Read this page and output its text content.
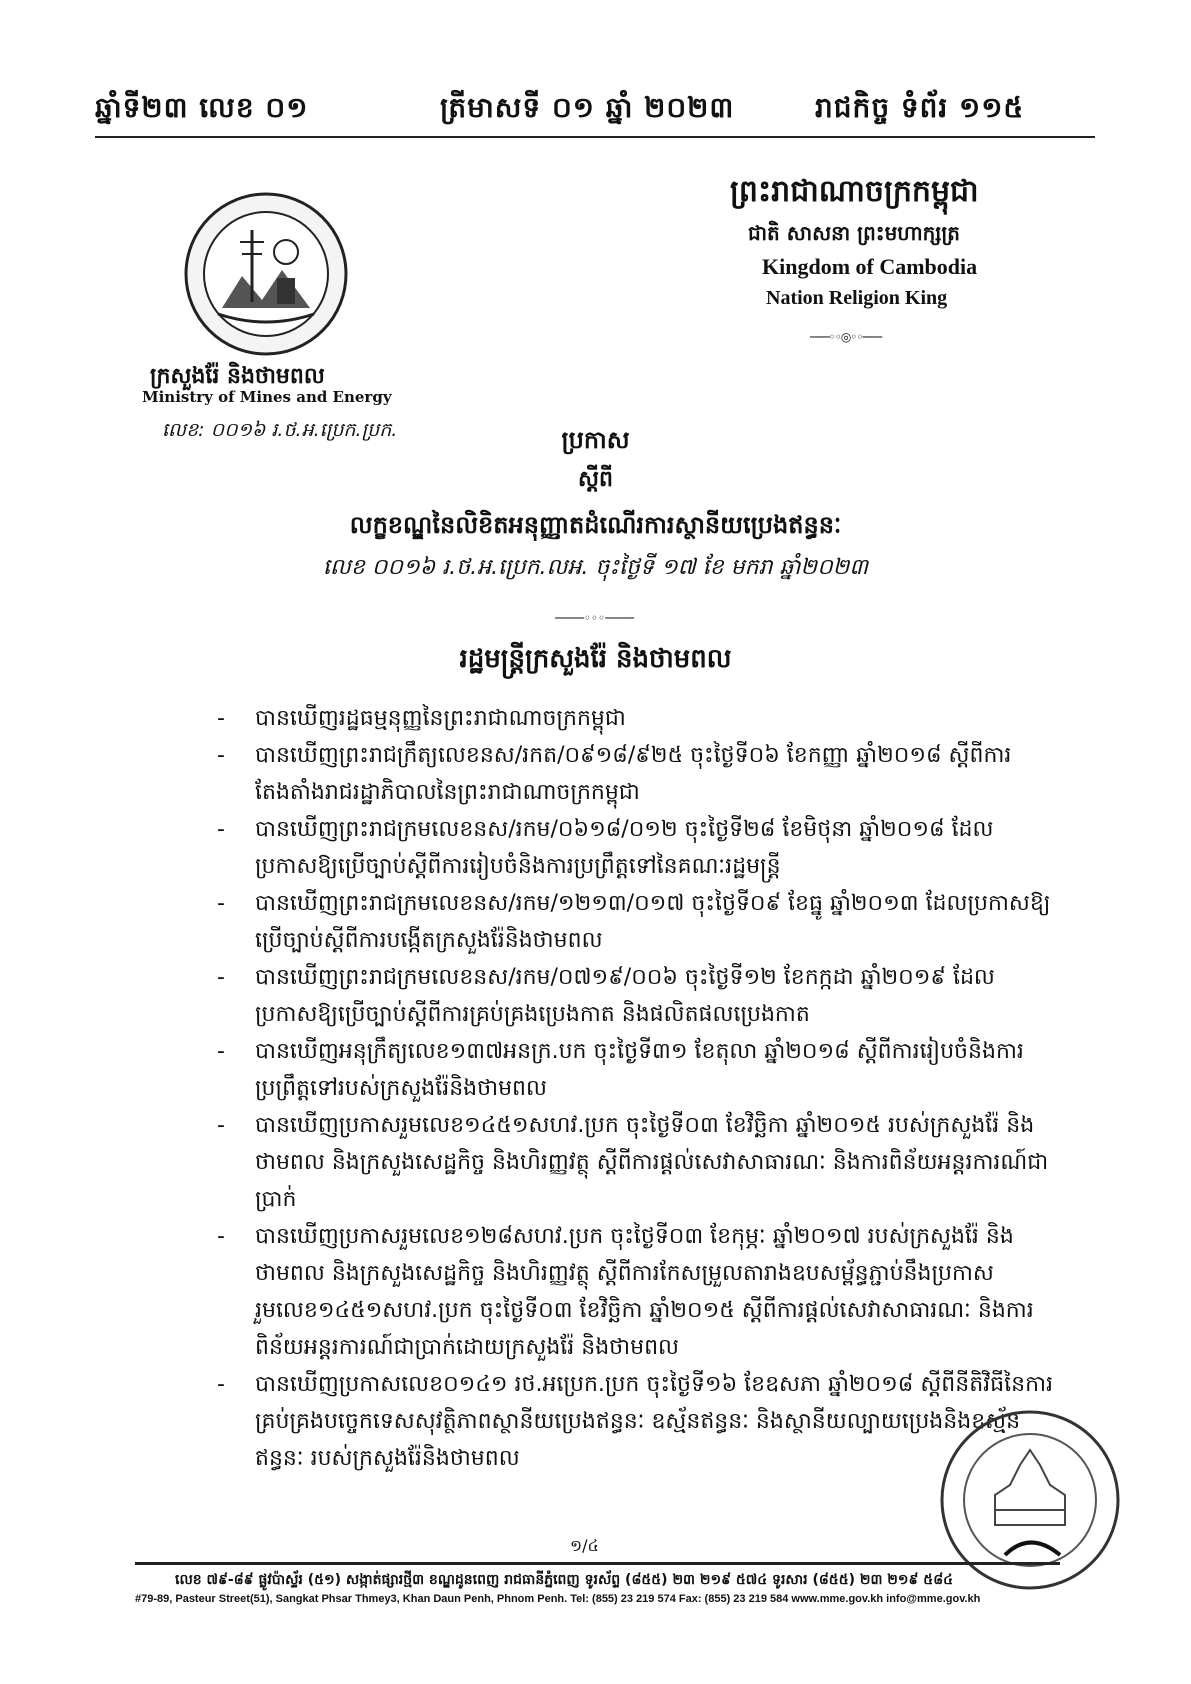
ឆ្នាំទី២៣ លេខ ០១	ត្រីមាសទី ០១ ឆ្នាំ ២០២៣	រាជកិច្ច ទំព័រ ១១៥
ក្រសួងរ៉ែ និងថាមពល
Ministry of Mines and Energy
លេខ: ០០១៦ រ.ថ.អ.ប្រេក.ប្រក.
ព្រះរាជាណាចក្រកម្ពុជា
ជាតិ សាសនា ព្រះមហាក្សត្រ
Kingdom of Cambodia
Nation Religion King
───◦◦◎◦◦───
ប្រកាស
ស្ដីពី
លក្ខខណ្ឌនៃលិខិតអនុញ្ញាតដំណើរការស្ថានីយប្រេងឥន្ធនៈ
លេខ ០០១៦ រ.ថ.អ.ប្រេក.លអ. ចុះថ្ងៃទី ១៧ ខែ មករា ឆ្នាំ២០២៣
────◦◦◦────
រដ្ឋមន្ត្រីក្រសួងរ៉ែ និងថាមពល
- បានឃើញរដ្ឋធម្មនុញ្ញនៃព្រះរាជាណាចក្រកម្ពុជា
- បានឃើញព្រះរាជក្រឹត្យលេខនស/រកត/០៩១៨/៩២៥ ចុះថ្ងៃទី០៦ ខែកញ្ញា ឆ្នាំ២០១៨ ស្ដីពីការតែងតាំងរាជរដ្ឋាភិបាលនៃព្រះរាជាណាចក្រកម្ពុជា
- បានឃើញព្រះរាជក្រមលេខនស/រកម/០៦១៨/០១២ ចុះថ្ងៃទី២៨ ខែមិថុនា ឆ្នាំ២០១៨ ដែលប្រកាសឱ្យប្រើច្បាប់ស្ដីពីការរៀបចំនិងការប្រព្រឹត្តទៅនៃគណៈរដ្ឋមន្ត្រី
- បានឃើញព្រះរាជក្រមលេខនស/រកម/១២១៣/០១៧ ចុះថ្ងៃទី០៩ ខែធ្នូ ឆ្នាំ២០១៣ ដែលប្រកាសឱ្យប្រើច្បាប់ស្ដីពីការបង្កើតក្រសួងរ៉ែនិងថាមពល
- បានឃើញព្រះរាជក្រមលេខនស/រកម/០៧១៩/០០៦ ចុះថ្ងៃទី១២ ខែកក្កដា ឆ្នាំ២០១៩ ដែលប្រកាសឱ្យប្រើច្បាប់ស្ដីពីការគ្រប់គ្រងប្រេងកាត និងផលិតផលប្រេងកាត
- បានឃើញអនុក្រឹត្យលេខ១៣៧អនក្រ.បក ចុះថ្ងៃទី៣១ ខែតុលា ឆ្នាំ២០១៨ ស្ដីពីការរៀបចំនិងការប្រព្រឹត្តទៅរបស់ក្រសួងរ៉ែនិងថាមពល
- បានឃើញប្រកាសរួមលេខ១៤៥១សហវ.ប្រក ចុះថ្ងៃទី០៣ ខែវិច្ឆិកា ឆ្នាំ២០១៥ របស់ក្រសួងរ៉ែ និងថាមពល និងក្រសួងសេដ្ឋកិច្ច និងហិរញ្ញវត្ថុ ស្ដីពីការផ្ដល់សេវាសាធារណៈ និងការពិន័យអន្តរការណ៍ជាប្រាក់
- បានឃើញប្រកាសរួមលេខ១២៨សហវ.ប្រក ចុះថ្ងៃទី០៣ ខែកុម្ភៈ ឆ្នាំ២០១៧ របស់ក្រសួងរ៉ែ និងថាមពល និងក្រសួងសេដ្ឋកិច្ច និងហិរញ្ញវត្ថុ ស្ដីពីការកែសម្រួលតារាងឧបសម្ព័ន្ធភ្ជាប់នឹងប្រកាសរួមលេខ១៤៥១សហវ.ប្រក ចុះថ្ងៃទី០៣ ខែវិច្ឆិកា ឆ្នាំ២០១៥ ស្ដីពីការផ្ដល់សេវាសាធារណៈ និងការពិន័យអន្តរការណ៍ជាប្រាក់ដោយក្រសួងរ៉ែ និងថាមពល
- បានឃើញប្រកាសលេខ០១៤១ រថ.អប្រេក.ប្រក ចុះថ្ងៃទី១៦ ខែឧសភា ឆ្នាំ២០១៨ ស្ដីពីនីតិវិធីនៃការគ្រប់គ្រងបច្ចេកទេសសុវត្ថិភាពស្ថានីយប្រេងឥន្ធនៈ ឧស្ម័នឥន្ធនៈ និងស្ថានីយល្បាយប្រេងនិងឧស្ម័នឥន្ធនៈ របស់ក្រសួងរ៉ែនិងថាមពល
១/៤
លេខ ៧៩-៨៩ ផ្លូវប៉ាស្ទ័រ (៥១) សង្កាត់ផ្សារថ្មី៣ ខណ្ឌដូនពេញ រាជធានីភ្នំពេញ ទូរស័ព្ទ (៨៥៥) ២៣ ២១៩ ៥៧៤ ទូរសារ (៨៥៥) ២៣ ២១៩ ៥៨៤
#79-89, Pasteur Street(51), Sangkat Phsar Thmey3, Khan Daun Penh, Phnom Penh. Tel: (855) 23 219 574 Fax: (855) 23 219 584 www.mme.gov.kh info@mme.gov.kh
